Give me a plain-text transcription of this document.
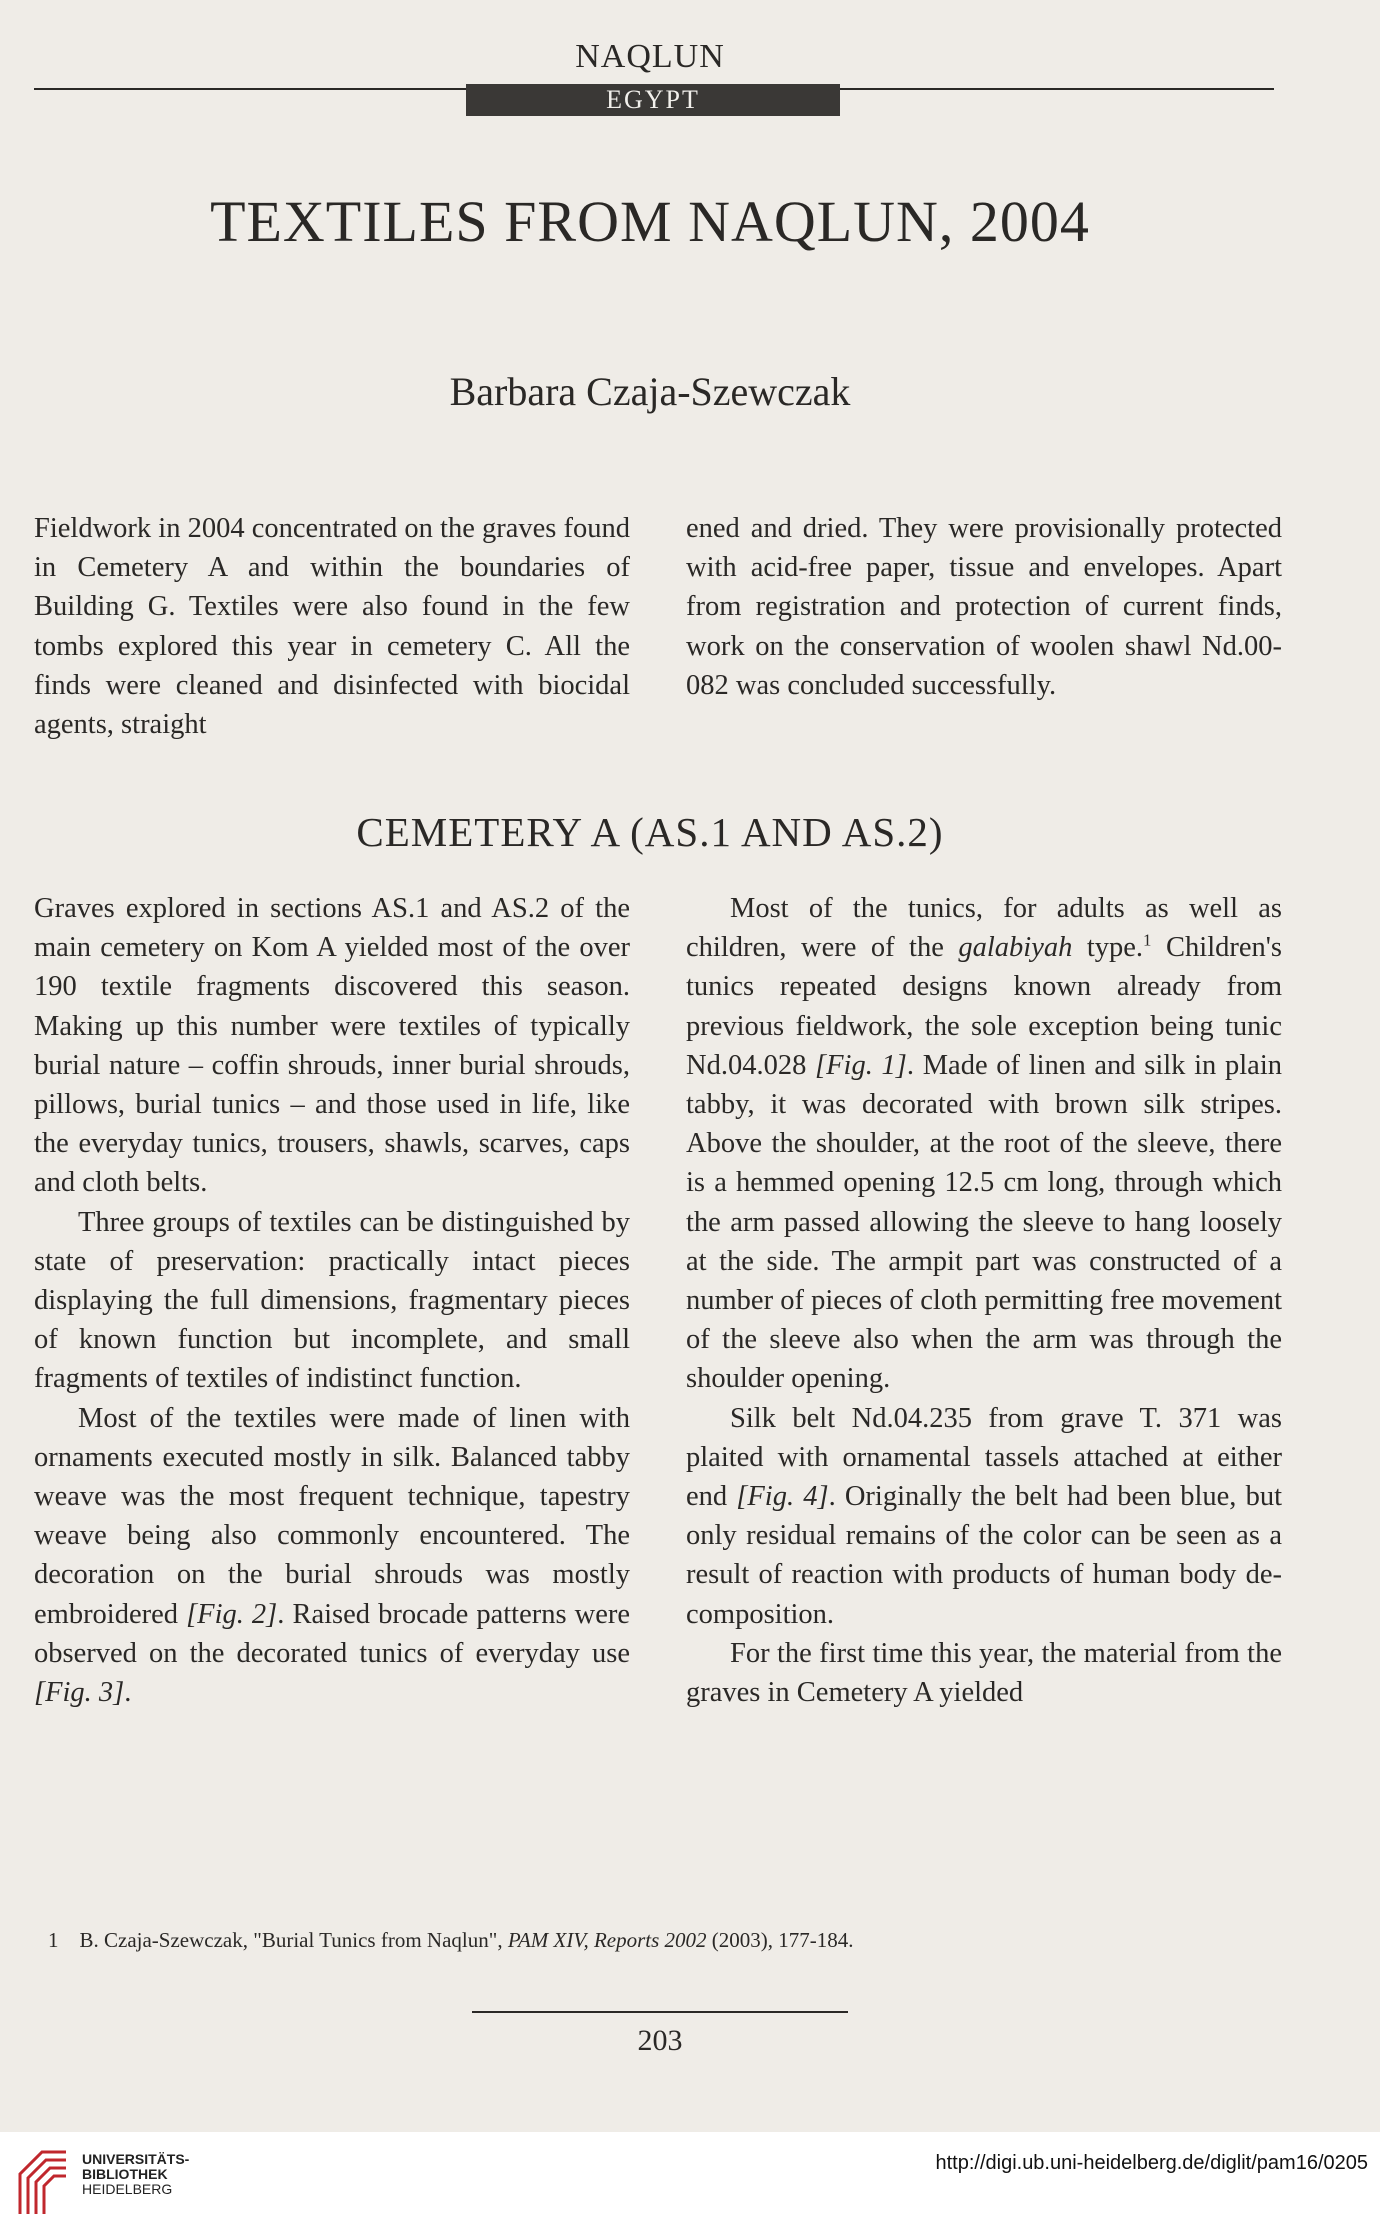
NAQLUN
EGYPT
TEXTILES FROM NAQLUN, 2004
Barbara Czaja-Szewczak

Fieldwork in 2004 concentrated on the graves found in Cemetery A and within the boundaries of Building G. Textiles were also found in the few tombs explored this year in cemetery C. All the finds were cleaned and disinfected with biocidal agents, straight

ened and dried. They were provisionally protected with acid-free paper, tissue and envelopes. Apart from registration and protection of current finds, work on the conservation of woolen shawl Nd.00-082 was concluded successfully.

CEMETERY A (AS.1 AND AS.2)

Graves explored in sections AS.1 and AS.2 of the main cemetery on Kom A yielded most of the over 190 textile fragments discovered this season. Making up this number were textiles of typically burial nature – coffin shrouds, inner burial shrouds, pillows, burial tunics – and those used in life, like the everyday tunics, trousers, shawls, scarves, caps and cloth belts.

Three groups of textiles can be distinguished by state of preservation: practically intact pieces displaying the full dimensions, fragmentary pieces of known function but incomplete, and small fragments of textiles of indistinct function.

Most of the textiles were made of linen with ornaments executed mostly in silk. Balanced tabby weave was the most frequent technique, tapestry weave being also commonly encountered. The decoration on the burial shrouds was mostly embroidered [Fig. 2]. Raised brocade patterns were observed on the decorated tunics of everyday use [Fig. 3].

Most of the tunics, for adults as well as children, were of the galabiyah type.$^1$ Children's tunics repeated designs known already from previous fieldwork, the sole exception being tunic Nd.04.028 [Fig. 1]. Made of linen and silk in plain tabby, it was decorated with brown silk stripes. Above the shoulder, at the root of the sleeve, there is a hemmed opening 12.5 cm long, through which the arm passed allowing the sleeve to hang loosely at the side. The armpit part was constructed of a number of pieces of cloth permitting free movement of the sleeve also when the arm was through the shoulder opening.

Silk belt Nd.04.235 from grave T. 371 was plaited with ornamental tassels attached at either end [Fig. 4]. Originally the belt had been blue, but only residual remains of the color can be seen as a result of reaction with products of human body decomposition.

For the first time this year, the material from the graves in Cemetery A yielded

1 B. Czaja-Szewczak, "Burial Tunics from Naqlun", PAM XIV, Reports 2002 (2003), 177-184.
203
UNIVERSITÄTS-
BIBLIOTHEK
HEIDELBERG
http://digi.ub.uni-heidelberg.de/diglit/pam16/0205
